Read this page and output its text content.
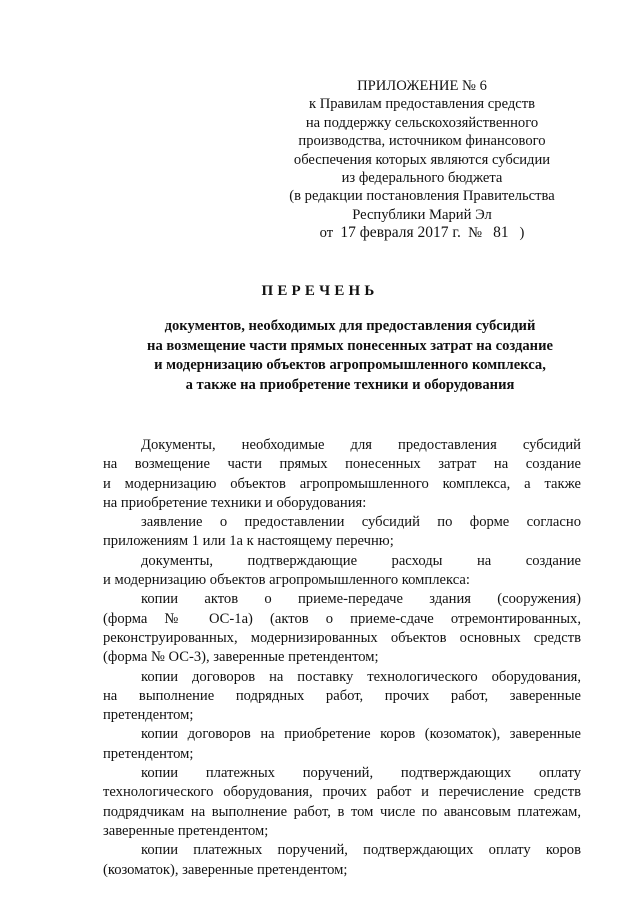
ПРИЛОЖЕНИЕ № 6
к Правилам предоставления средств
на поддержку сельскохозяйственного
производства, источником финансового
обеспечения которых являются субсидии
из федерального бюджета
(в редакции постановления Правительства
Республики Марий Эл
от 17 февраля 2017 г. № 81 )
ПЕРЕЧЕНЬ
документов, необходимых для предоставления субсидий
на возмещение части прямых понесенных затрат на создание
и модернизацию объектов агропромышленного комплекса,
а также на приобретение техники и оборудования
Документы, необходимые для предоставления субсидий
на возмещение части прямых понесенных затрат на создание
и модернизацию объектов агропромышленного комплекса, а также
на приобретение техники и оборудования:
заявление о предоставлении субсидий по форме согласно
приложениям 1 или 1а к настоящему перечню;
документы, подтверждающие расходы на создание
и модернизацию объектов агропромышленного комплекса:
копии актов о приеме-передаче здания (сооружения)
(форма № ОС-1а) (актов о приеме-сдаче отремонтированных,
реконструированных, модернизированных объектов основных средств
(форма № ОС-3), заверенные претендентом;
копии договоров на поставку технологического оборудования,
на выполнение подрядных работ, прочих работ, заверенные
претендентом;
копии договоров на приобретение коров (козоматок), заверенные
претендентом;
копии платежных поручений, подтверждающих оплату
технологического оборудования, прочих работ и перечисление средств
подрядчикам на выполнение работ, в том числе по авансовым платежам,
заверенные претендентом;
копии платежных поручений, подтверждающих оплату коров
(козоматок), заверенные претендентом;
